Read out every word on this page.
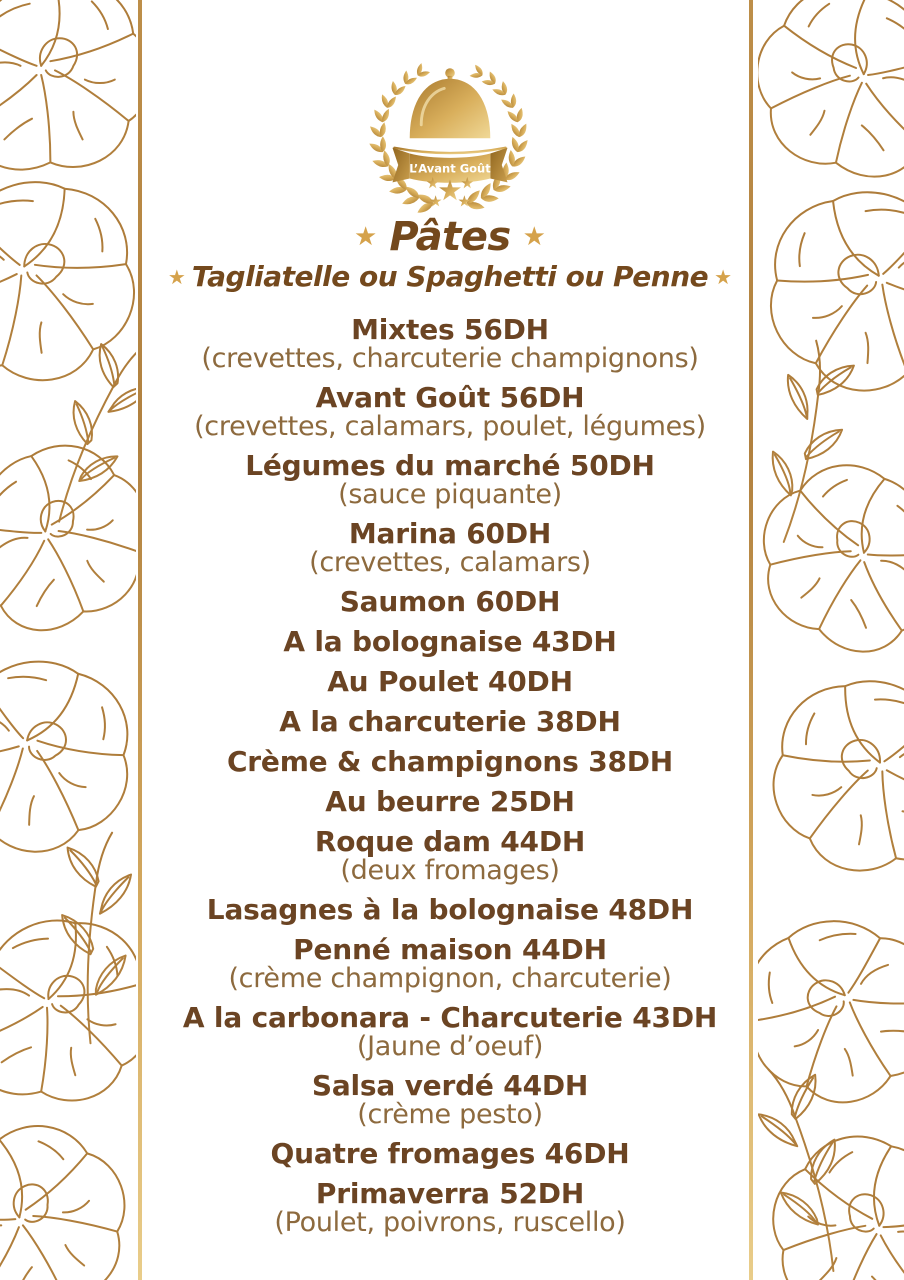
L’Avant Goût
★ Pâtes ★
★ Tagliatelle ou Spaghetti ou Penne ★
Mixtes 56DH
(crevettes, charcuterie champignons)
Avant Goût 56DH
(crevettes, calamars, poulet, légumes)
Légumes du marché 50DH
(sauce piquante)
Marina 60DH
(crevettes, calamars)
Saumon 60DH
A la bolognaise 43DH
Au Poulet 40DH
A la charcuterie 38DH
Crème & champignons 38DH
Au beurre 25DH
Roque dam 44DH
(deux fromages)
Lasagnes à la bolognaise 48DH
Penné maison 44DH
(crème champignon, charcuterie)
A la carbonara - Charcuterie 43DH
(Jaune d’oeuf)
Salsa verdé 44DH
(crème pesto)
Quatre fromages 46DH
Primaverra 52DH
(Poulet, poivrons, ruscello)
